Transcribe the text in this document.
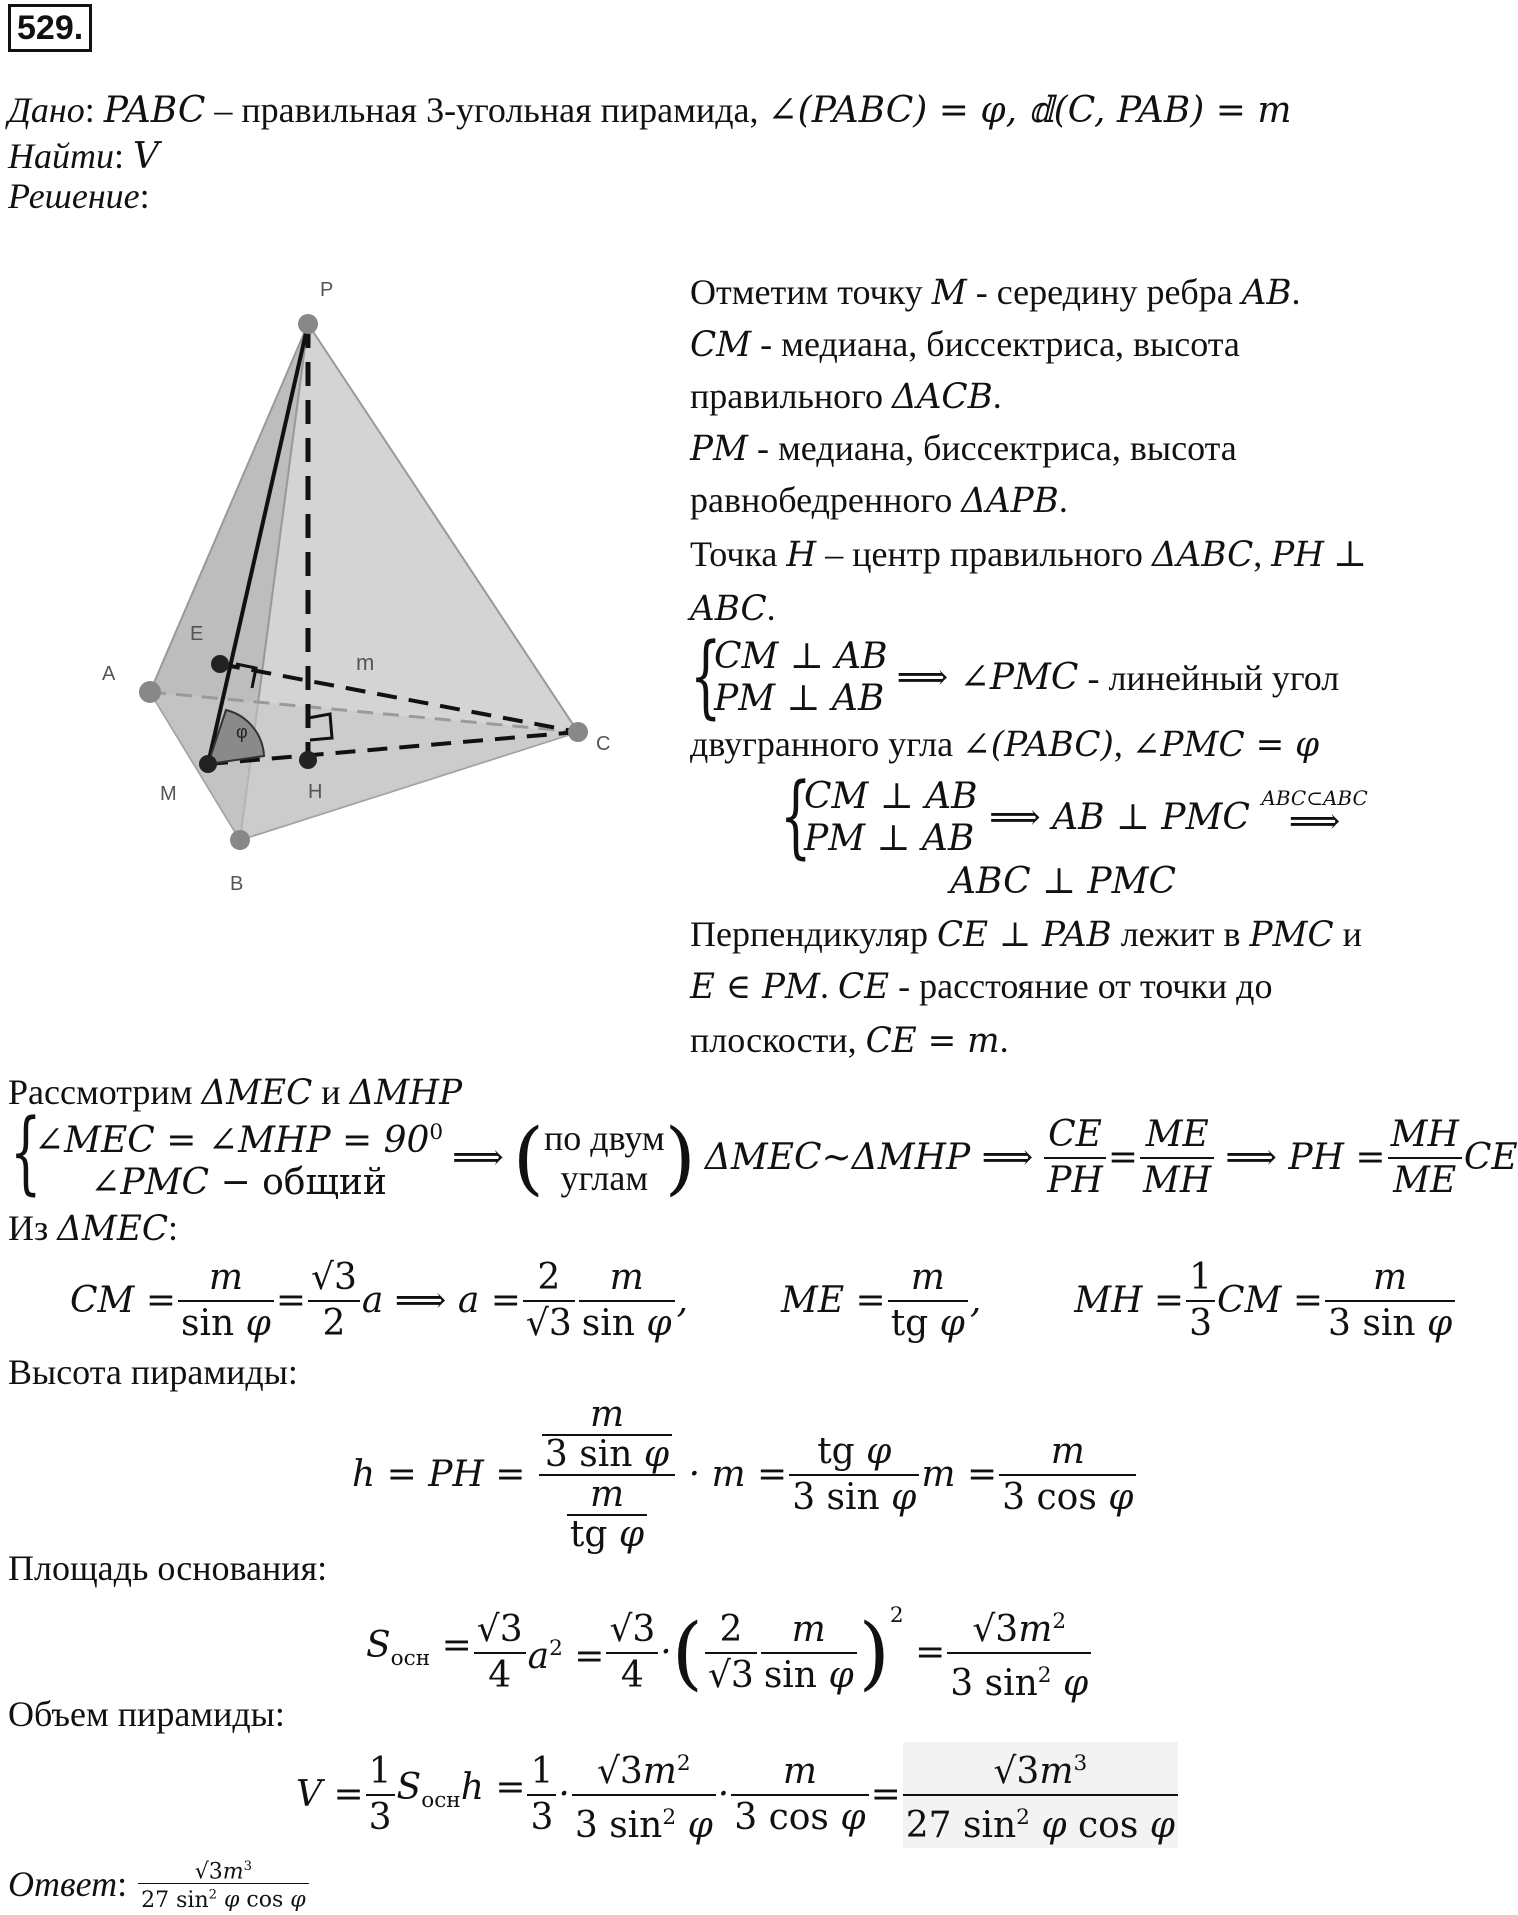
529.
Дано: PABC – правильная 3-угольная пирамида, ∠(PABC) = φ, 𝕕(C, PAB) = m
Найти: V
Решение:
P
A
B
C
E
M	H
m
φ
Отметим точку M - середину ребра AB.
CM - медиана, биссектриса, высота
правильного ΔACB.
PM - медиана, биссектриса, высота
равнобедренного ΔAPB.
Точка H – центр правильного ΔABC, PH ⊥
ABC.
{
CM ⊥ AB
PM ⊥ AB
⟹ ∠PMC - линейный угол
двугранного угла ∠(PABC), ∠PMC = φ
{
CM ⊥ AB
PM ⊥ AB
⟹ AB ⊥ PMC ABC⊂ABC
⟹
ABC ⊥ PMC
Перпендикуляр CE ⊥ PAB лежит в PMC и
E ∈ PM. CE - расстояние от точки до
плоскости, CE = m.
Рассмотрим ΔMEC и ΔMHP
{
∠MEC = ∠MHP = $90^0$
∠PMC − общий
⟹ ( по двум
углам ) ΔMEC~ΔMHP ⟹ $\frac{CE}{PH} = \frac{ME}{MH}$ ⟹ PH = $\frac{MH}{ME}$ CE
Из ΔMEC:
CM = $\frac{m}{\text{sin φ}} = \frac{√3}{2}$ a ⟹ $a = \frac{2}{√3} \frac{m}{\text{sin φ}}$ ,	ME = $\frac{m}{\text{tg φ}}$ ,	MH = $\frac{1}{3}$ CM = $\frac{m}{\text{3 sin φ}}$
Высота пирамиды:
h = PH =
$\frac{m}{\text{3 sin φ}}$
$\frac{m}{\text{tg φ}}$
· $m = \frac{\text{tg φ}}{\text{3 sin φ}}$ $m = \frac{m}{\text{3 cos φ}}$
Площадь основания:
$S_{осн} = \frac{√3}{4} a^2 = \frac{√3}{4}$ ·( $\frac{2}{√3} \frac{m}{\text{sin φ}} )^2 = \frac{√3m^2}{3 \sin^2 \varphi}$
Объем пирамиды:
$V = \frac{1}{3} S_{осн}h = \frac{1}{3} \cdot \frac{√3m^2}{3 \sin^2 \varphi} \cdot \frac{m}{\text{3 cos φ}} = \frac{√3m^3}{27 \sin^2 \varphi \cos \varphi}$
Ответ: $\frac{√3m^3}{27 \sin^2 \varphi \cos \varphi}$
